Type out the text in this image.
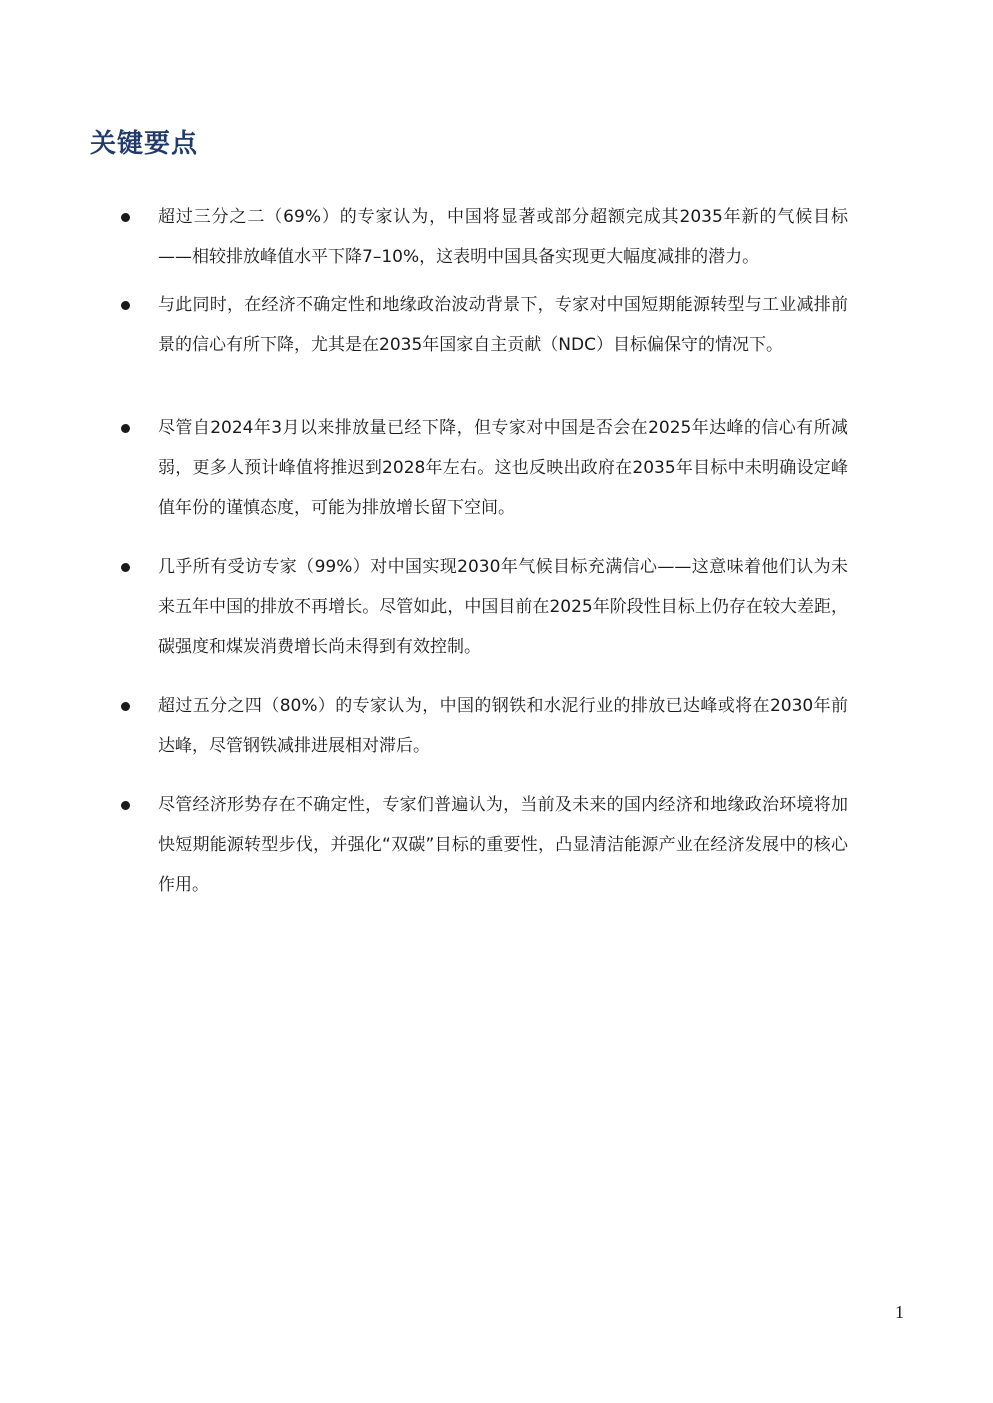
关键要点
超过三分之二（69%）的专家认为，中国将显著或部分超额完成其2035年新的气候目标——相较排放峰值水平下降7–10%，这表明中国具备实现更大幅度减排的潜力。
与此同时，在经济不确定性和地缘政治波动背景下，专家对中国短期能源转型与工业减排前景的信心有所下降，尤其是在2035年国家自主贡献（NDC）目标偏保守的情况下。
尽管自2024年3月以来排放量已经下降，但专家对中国是否会在2025年达峰的信心有所减弱，更多人预计峰值将推迟到2028年左右。这也反映出政府在2035年目标中未明确设定峰值年份的谨慎态度，可能为排放增长留下空间。
几乎所有受访专家（99%）对中国实现2030年气候目标充满信心——这意味着他们认为未来五年中国的排放不再增长。尽管如此，中国目前在2025年阶段性目标上仍存在较大差距，碳强度和煤炭消费增长尚未得到有效控制。
超过五分之四（80%）的专家认为，中国的钢铁和水泥行业的排放已达峰或将在2030年前达峰，尽管钢铁减排进展相对滞后。
尽管经济形势存在不确定性，专家们普遍认为，当前及未来的国内经济和地缘政治环境将加快短期能源转型步伐，并强化“双碳”目标的重要性，凸显清洁能源产业在经济发展中的核心作用。
1
